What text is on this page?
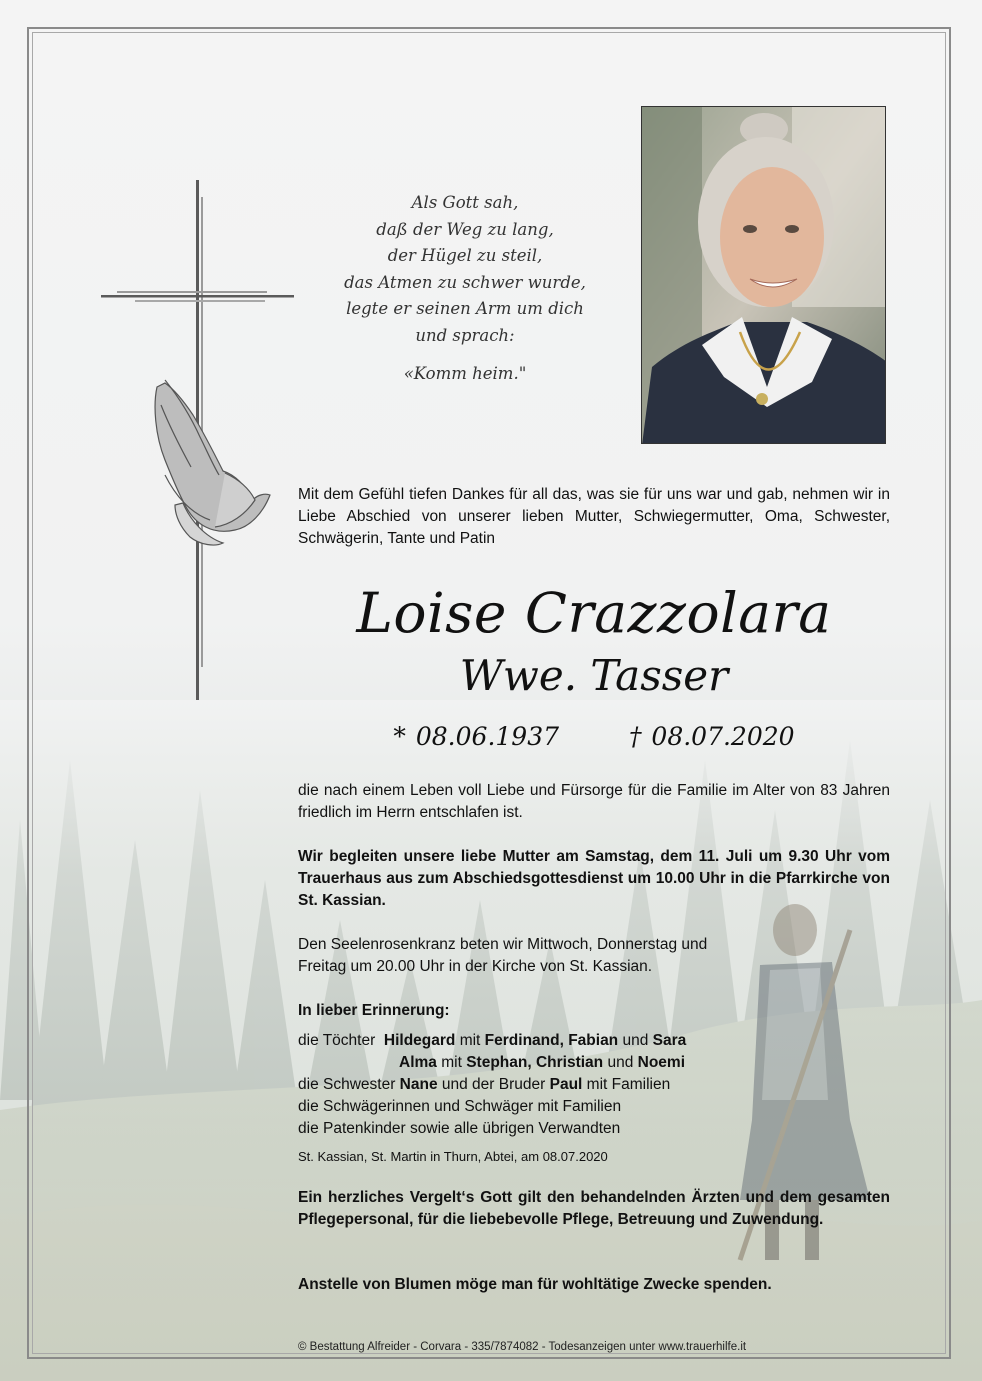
Als Gott sah,
daß der Weg zu lang,
der Hügel zu steil,
das Atmen zu schwer wurde,
legte er seinen Arm um dich
und sprach:
«Komm heim."
Mit dem Gefühl tiefen Dankes für all das, was sie für uns war und gab, nehmen wir in Liebe Abschied von unserer lieben Mutter, Schwiegermutter, Oma, Schwester, Schwägerin, Tante und Patin
Loise Crazzolara
Wwe. Tasser
* 08.06.1937	† 08.07.2020
die nach einem Leben voll Liebe und Fürsorge für die Familie im Alter von 83 Jahren friedlich im Herrn entschlafen ist.
Wir begleiten unsere liebe Mutter am Samstag, dem 11. Juli um 9.30 Uhr vom Trauerhaus aus zum Abschiedsgottesdienst um 10.00 Uhr in die Pfarrkirche von St. Kassian.
Den Seelenrosenkranz beten wir Mittwoch, Donnerstag und Freitag um 20.00 Uhr in der Kirche von St. Kassian.
In lieber Erinnerung:
die Töchter Hildegard mit Ferdinand, Fabian und Sara
Alma mit Stephan, Christian und Noemi
die Schwester Nane und der Bruder Paul mit Familien
die Schwägerinnen und Schwäger mit Familien
die Patenkinder sowie alle übrigen Verwandten
St. Kassian, St. Martin in Thurn, Abtei, am 08.07.2020
Ein herzliches Vergelt‘s Gott gilt den behandelnden Ärzten und dem gesamten Pflegepersonal, für die liebebevolle Pflege, Betreuung und Zuwendung.
Anstelle von Blumen möge man für wohltätige Zwecke spenden.
© Bestattung Alfreider - Corvara - 335/7874082 - Todesanzeigen unter www.trauerhilfe.it
